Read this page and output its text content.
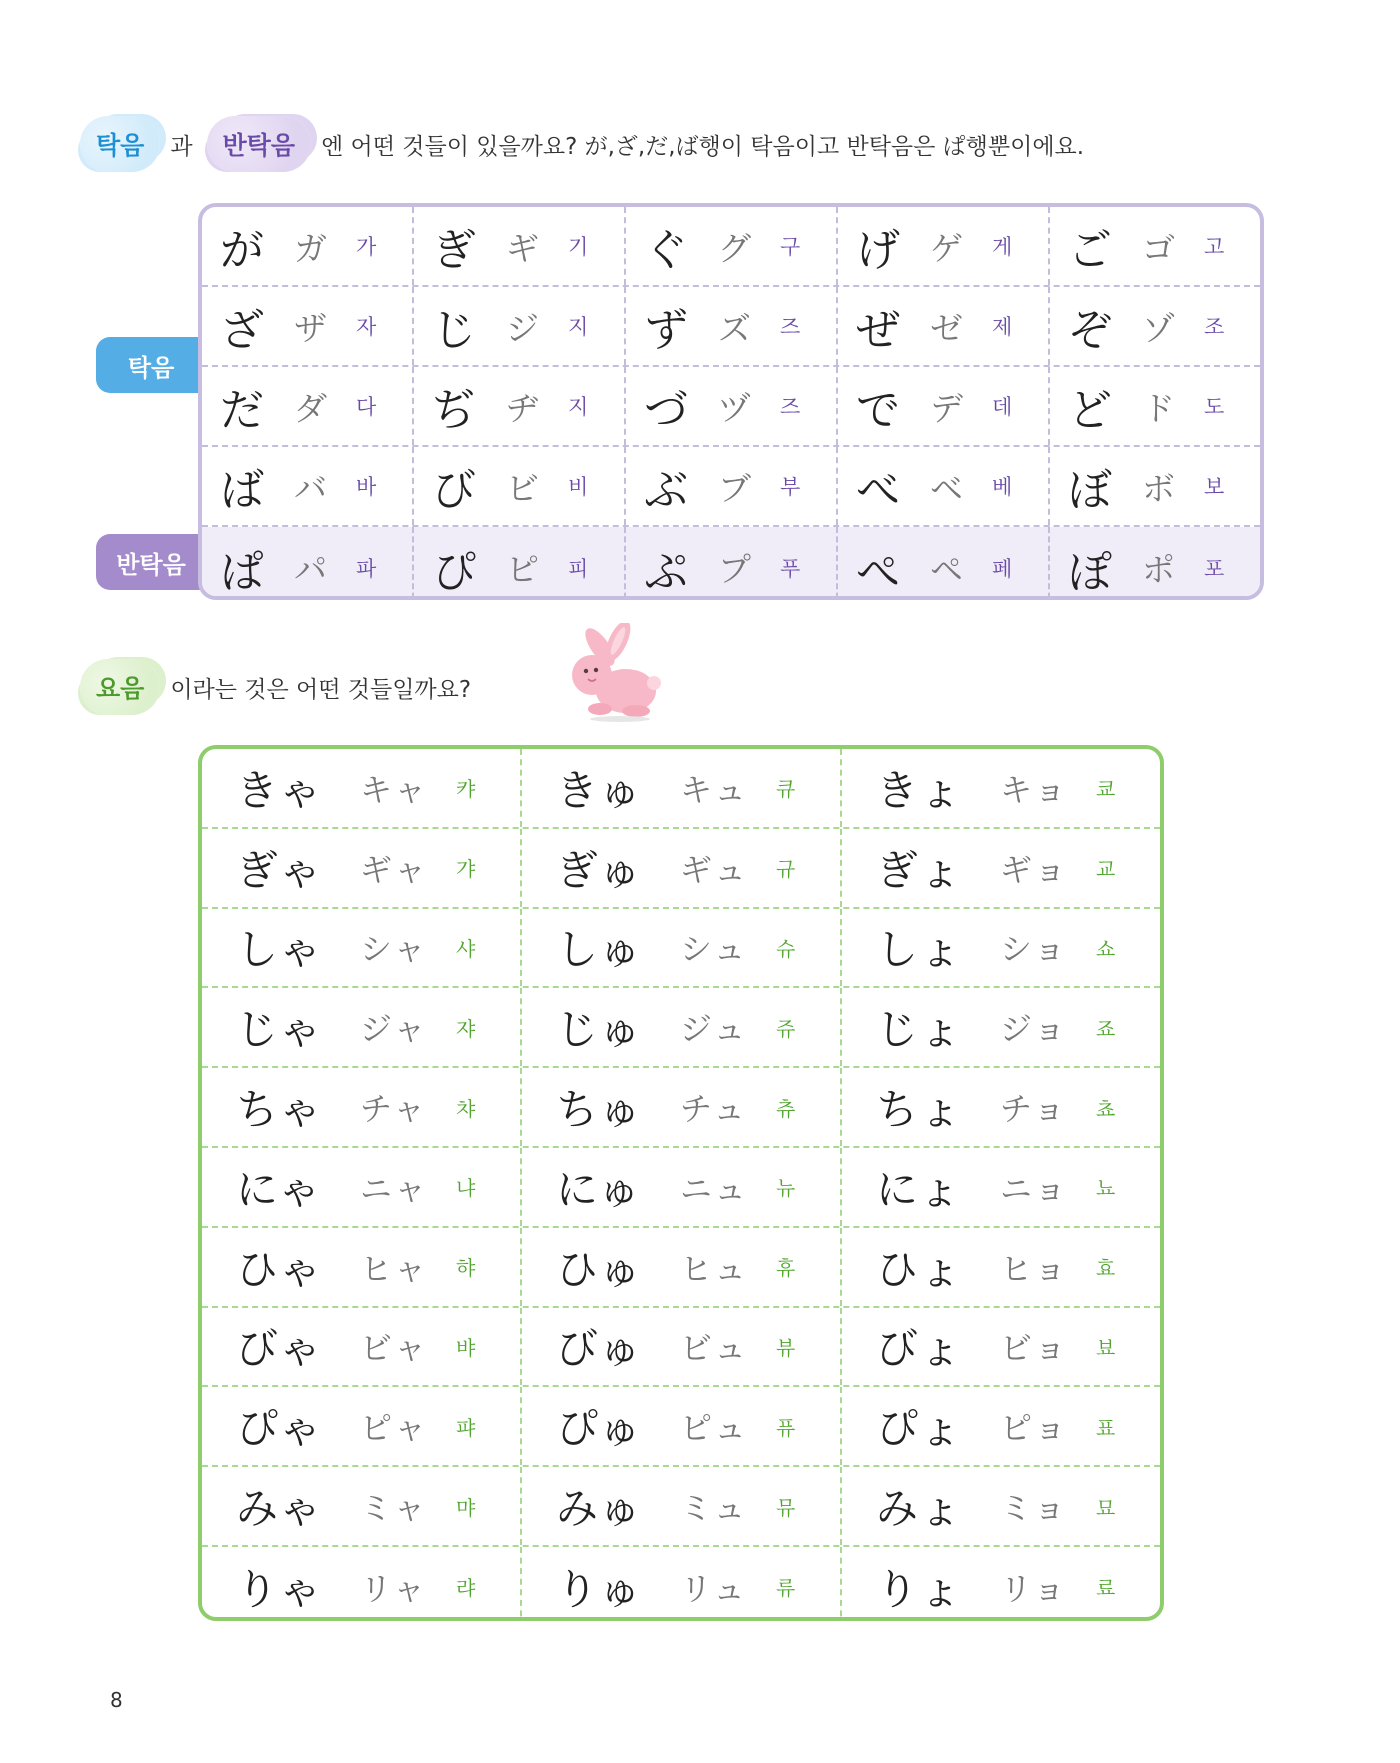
탁음	과	반탁음	엔 어떤 것들이 있을까요? が,ざ,だ,ば행이 탁음이고 반탁음은 ぱ행뿐이에요.
탁음
반탁음
が ガ	가 ぎ ギ	기 ぐ グ	구 げ ゲ	게 ご ゴ	고
ざ ザ	자 じ ジ	지 ず ズ	즈 ぜ ゼ	제 ぞ ゾ	조
だ ダ	다 ぢ ヂ	지 づ ヅ	즈 で デ	데 ど ド	도
ば バ	바 び ビ	비 ぶ ブ	부 べ ベ	베 ぼ ボ	보
ぱ パ	파 ぴ ピ	피 ぷ プ	푸 ぺ ペ	페 ぽ ポ	포
요음	이라는 것은 어떤 것들일까요?
きゃ	キャ	캬 きゅ	キュ	큐 きょ	キョ	쿄
ぎゃ	ギャ	갸 ぎゅ	ギュ	규 ぎょ	ギョ	교
しゃ	シャ	샤 しゅ	シュ	슈 しょ	ショ	쇼
じゃ	ジャ	쟈 じゅ	ジュ	쥬 じょ	ジョ	죠
ちゃ	チャ	챠 ちゅ	チュ	츄 ちょ	チョ	쵸
にゃ	ニャ	냐 にゅ	ニュ	뉴 にょ	ニョ	뇨
ひゃ	ヒャ	햐 ひゅ	ヒュ	휴 ひょ	ヒョ	효
びゃ	ビャ	뱌 びゅ	ビュ	뷰 びょ	ビョ	뵤
ぴゃ	ピャ	퍄 ぴゅ	ピュ	퓨 ぴょ	ピョ	표
みゃ	ミャ	먀 みゅ	ミュ	뮤 みょ	ミョ	묘
りゃ	リャ	랴 りゅ	リュ	류 りょ	リョ	료
8
